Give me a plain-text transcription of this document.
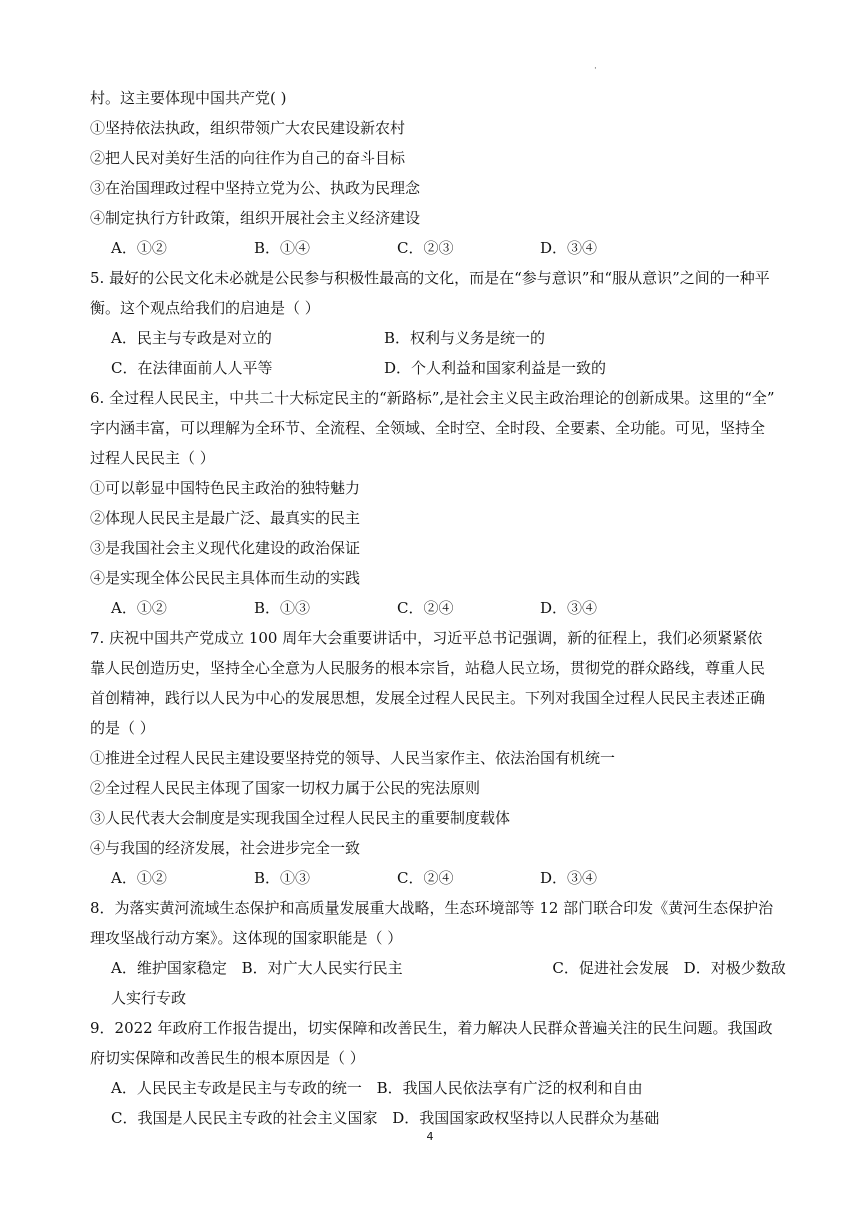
·
村。这主要体现中国共产党( )
①坚持依法执政，组织带领广大农民建设新农村
②把人民对美好生活的向往作为自己的奋斗目标
③在治国理政过程中坚持立党为公、执政为民理念
④制定执行方针政策，组织开展社会主义经济建设
A．①②	B．①④	C．②③	D．③④
5. 最好的公民文化未必就是公民参与积极性最高的文化，而是在“参与意识”和“服从意识”之间的一种平
衡。这个观点给我们的启迪是（ ）
A．民主与专政是对立的	B．权利与义务是统一的
C．在法律面前人人平等	D．个人利益和国家利益是一致的
6. 全过程人民民主，中共二十大标定民主的“新路标”,是社会主义民主政治理论的创新成果。这里的“全”
字内涵丰富，可以理解为全环节、全流程、全领域、全时空、全时段、全要素、全功能。可见，坚持全
过程人民民主（ ）
①可以彰显中国特色民主政治的独特魅力
②体现人民民主是最广泛、最真实的民主
③是我国社会主义现代化建设的政治保证
④是实现全体公民民主具体而生动的实践
A．①②	B．①③	C．②④	D．③④
7. 庆祝中国共产党成立 100 周年大会重要讲话中，习近平总书记强调，新的征程上，我们必须紧紧依
靠人民创造历史，坚持全心全意为人民服务的根本宗旨，站稳人民立场，贯彻党的群众路线，尊重人民
首创精神，践行以人民为中心的发展思想，发展全过程人民民主。下列对我国全过程人民民主表述正确
的是（ ）
①推进全过程人民民主建设要坚持党的领导、人民当家作主、依法治国有机统一
②全过程人民民主体现了国家一切权力属于公民的宪法原则
③人民代表大会制度是实现我国全过程人民民主的重要制度载体
④与我国的经济发展，社会进步完全一致
A．①②	B．①③	C．②④	D．③④
8．为落实黄河流域生态保护和高质量发展重大战略，生态环境部等 12 部门联合印发《黄河生态保护治
理攻坚战行动方案》。这体现的国家职能是（ ）
A．维护国家稳定 B．对广大人民实行民主	C．促进社会发展 D．对极少数敌
人实行专政
9．2022 年政府工作报告提出，切实保障和改善民生，着力解决人民群众普遍关注的民生问题。我国政
府切实保障和改善民生的根本原因是（ ）
A．人民民主专政是民主与专政的统一 B．我国人民依法享有广泛的权利和自由
C．我国是人民民主专政的社会主义国家 D．我国国家政权坚持以人民群众为基础
4
